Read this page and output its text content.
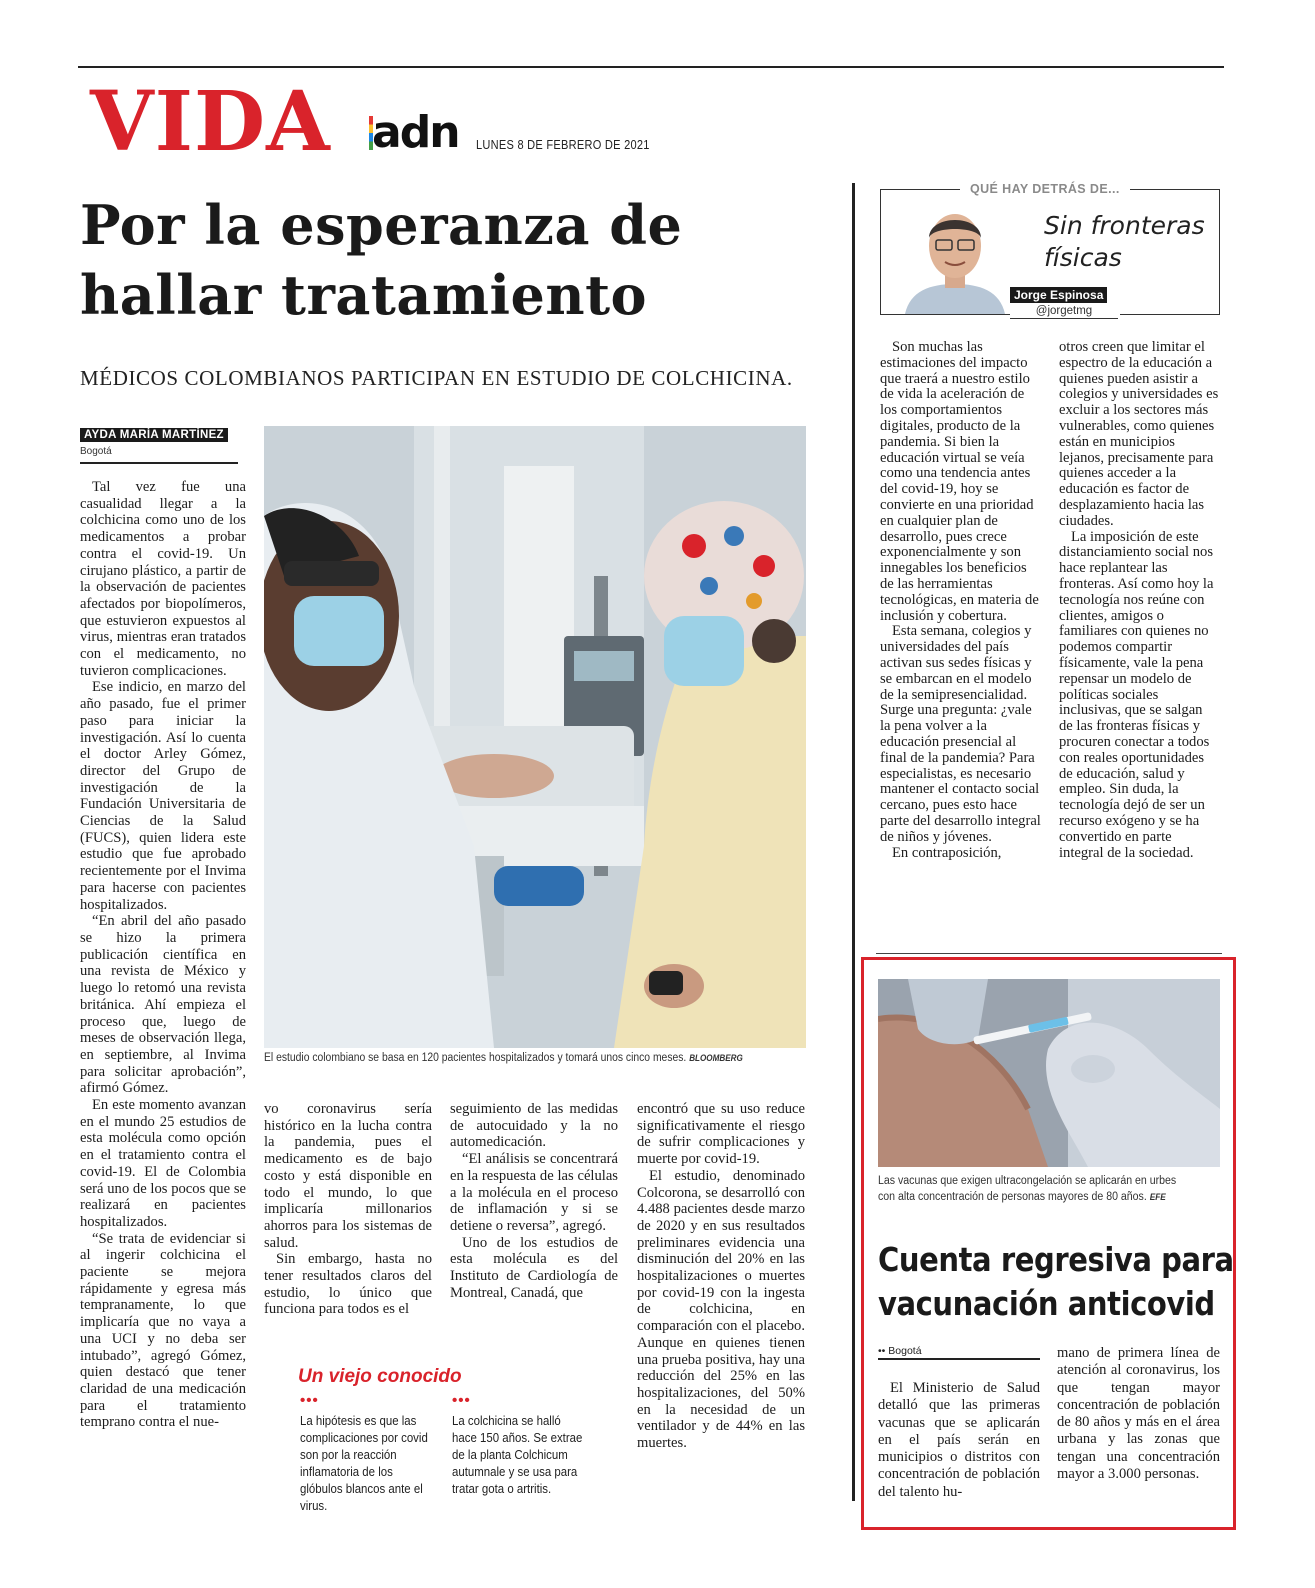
VIDA adn LUNES 8 DE FEBRERO DE 2021
Por la esperanza de
hallar tratamiento

MÉDICOS COLOMBIANOS PARTICIPAN EN ESTUDIO DE COLCHICINA.

AYDA MARÍA MARTÍNEZ
Bogotá

Tal vez fue una casualidad llegar a la colchicina como uno de los medicamentos a probar contra el covid-19. Un cirujano plástico, a partir de la observación de pacientes afectados por biopolímeros, que estuvieron expuestos al virus, mientras eran tratados con el medicamento, no tuvieron complicaciones.

Ese indicio, en marzo del año pasado, fue el primer paso para iniciar la investigación. Así lo cuenta el doctor Arley Gómez, director del Grupo de investigación de la Fundación Universitaria de Ciencias de la Salud (FUCS), quien lidera este estudio que fue aprobado recientemente por el Invima para hacerse con pacientes hospitalizados.

“En abril del año pasado se hizo la primera publicación científica en una revista de México y luego lo retomó una revista británica. Ahí empieza el proceso que, luego de meses de observación llega, en septiembre, al Invima para solicitar aprobación”, afirmó Gómez.

En este momento avanzan en el mundo 25 estudios de esta molécula como opción en el tratamiento contra el covid-19. El de Colombia será uno de los pocos que se realizará en pacientes hospitalizados.

“Se trata de evidenciar si al ingerir colchicina el paciente se mejora rápidamente y egresa más tempranamente, lo que implicaría que no vaya a una UCI y no deba ser intubado”, agregó Gómez, quien destacó que tener claridad de una medicación para el tratamiento temprano contra el nue-

El estudio colombiano se basa en 120 pacientes hospitalizados y tomará unos cinco meses. BLOOMBERG

vo coronavirus sería histórico en la lucha contra la pandemia, pues el medicamento es de bajo costo y está disponible en todo el mundo, lo que implicaría millonarios ahorros para los sistemas de salud.

Sin embargo, hasta no tener resultados claros del estudio, lo único que funciona para todos es el

seguimiento de las medidas de autocuidado y la no automedicación.

“El análisis se concentrará en la respuesta de las células a la molécula en el proceso de inflamación y si se detiene o reversa”, agregó.

Uno de los estudios de esta molécula es del Instituto de Cardiología de Montreal, Canadá, que

encontró que su uso reduce significativamente el riesgo de sufrir complicaciones y muerte por covid-19.

El estudio, denominado Colcorona, se desarrolló con 4.488 pacientes desde marzo de 2020 y en sus resultados preliminares evidencia una disminución del 20% en las hospitalizaciones o muertes por covid-19 con la ingesta de colchicina, en comparación con el placebo. Aunque en quienes tienen una prueba positiva, hay una reducción del 25% en las hospitalizaciones, del 50% en la necesidad de un ventilador y de 44% en las muertes.

Un viejo conocido
•••
La hipótesis es que las complicaciones por covid son por la reacción inflamatoria de los glóbulos blancos ante el virus.
•••
La colchicina se halló hace 150 años. Se extrae de la planta Colchicum autumnale y se usa para tratar gota o artritis.
QUÉ HAY DETRÁS DE...
Sin fronteras físicas
Jorge Espinosa
@jorgetmg

Son muchas las estimaciones del impacto que traerá a nuestro estilo de vida la aceleración de los comportamientos digitales, producto de la pandemia. Si bien la educación virtual se veía como una tendencia antes del covid-19, hoy se convierte en una prioridad en cualquier plan de desarrollo, pues crece exponencialmente y son innegables los beneficios de las herramientas tecnológicas, en materia de inclusión y cobertura.

Esta semana, colegios y universidades del país activan sus sedes físicas y se embarcan en el modelo de la semipresencialidad. Surge una pregunta: ¿vale la pena volver a la educación presencial al final de la pandemia? Para especialistas, es necesario mantener el contacto social cercano, pues esto hace parte del desarrollo integral de niños y jóvenes.

En contraposición,

otros creen que limitar el espectro de la educación a quienes pueden asistir a colegios y universidades es excluir a los sectores más vulnerables, como quienes están en municipios lejanos, precisamente para quienes acceder a la educación es factor de desplazamiento hacia las ciudades.

La imposición de este distanciamiento social nos hace replantear las fronteras. Así como hoy la tecnología nos reúne con clientes, amigos o familiares con quienes no podemos compartir físicamente, vale la pena repensar un modelo de políticas sociales inclusivas, que se salgan de las fronteras físicas y procuren conectar a todos con reales oportunidades de educación, salud y empleo. Sin duda, la tecnología dejó de ser un recurso exógeno y se ha convertido en parte integral de la sociedad.

Las vacunas que exigen ultracongelación se aplicarán en urbes con alta concentración de personas mayores de 80 años. EFE
Cuenta regresiva para
vacunación anticovid
•• Bogotá

El Ministerio de Salud detalló que las primeras vacunas que se aplicarán en el país serán en municipios o distritos con concentración de población del talento hu-

mano de primera línea de atención al coronavirus, los que tengan mayor concentración de población de 80 años y más en el área urbana y las zonas que tengan una concentración mayor a 3.000 personas.
